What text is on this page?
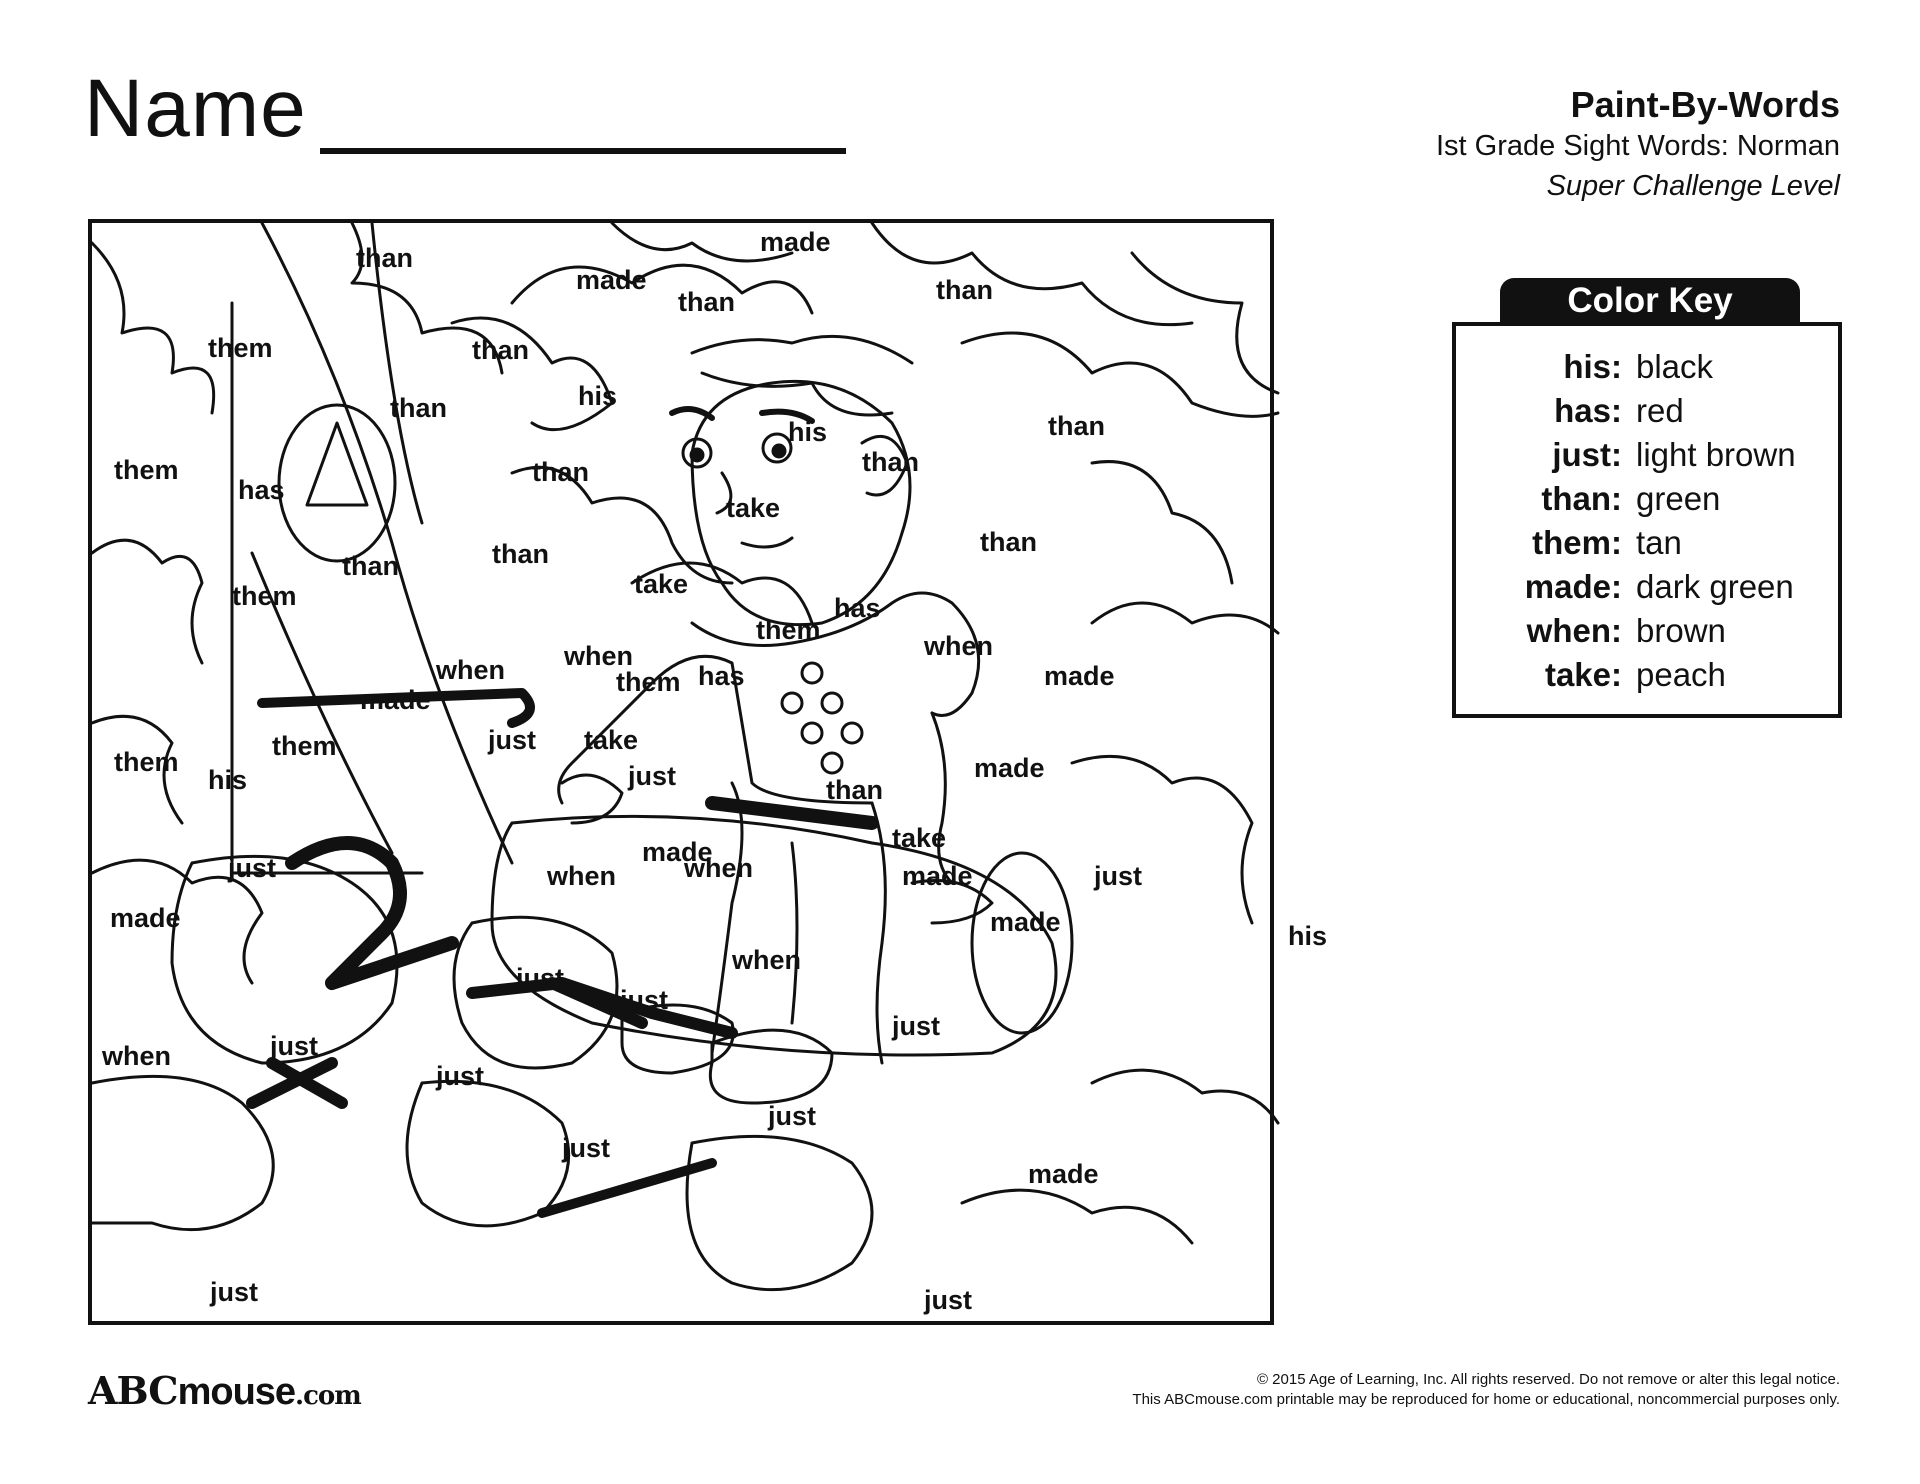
Name	Paint-By-Words
Ist Grade Sight Words: Norman
Super Challenge Level
than
made
made
than	than
them	than
his
than
his
them
than
has
than
take
than
than
take
them
than	than
them
has
when	when
when	them has
made
made
them
just take
them
his	just	made
than
take
just	just
made
when
made
when	made
his
made
when
just
just
when	just
just
just
just
made
just
just	just
Color Key
his: black
has: red
just: light brown
than: green
them: tan
made: dark green
when: brown
take: peach
ABCmouse.com
© 2015 Age of Learning, Inc. All rights reserved. Do not remove or alter this legal notice.
This ABCmouse.com printable may be reproduced for home or educational, noncommercial purposes only.
